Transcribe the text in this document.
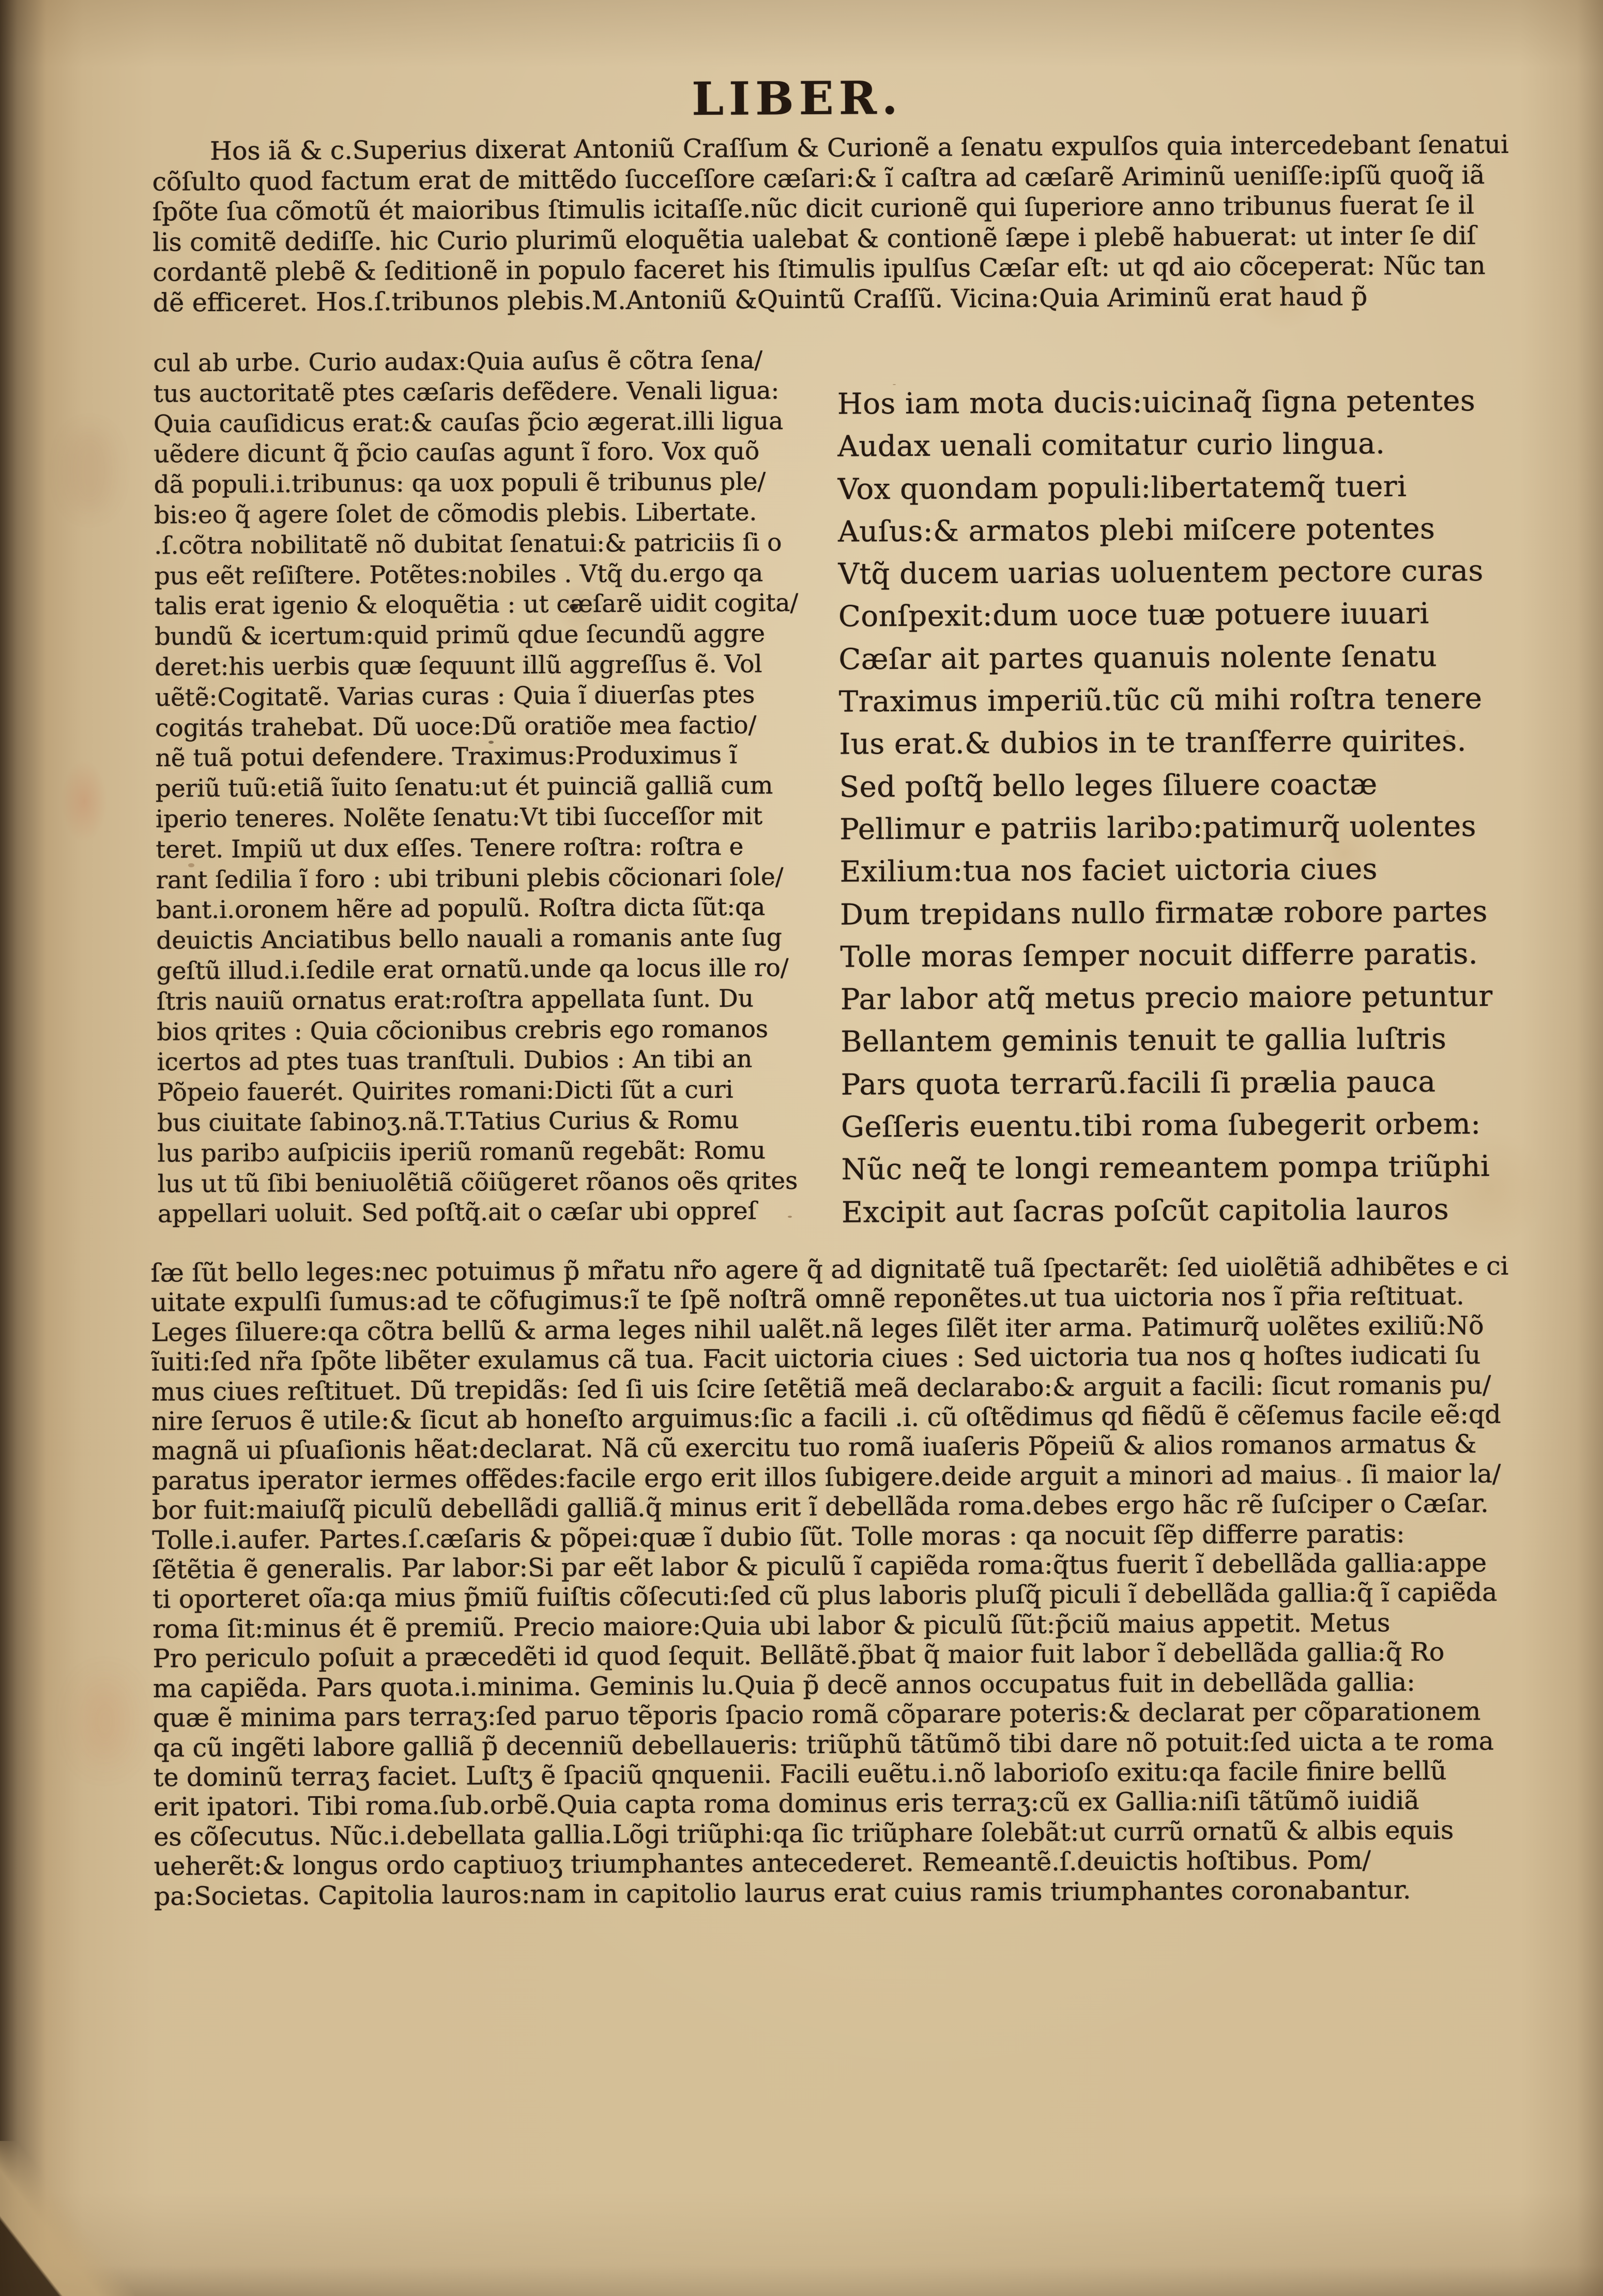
LIBER.
Hos iã & c.Superius dixerat Antoniũ Craſſum & Curionẽ a ſenatu expulſos quia intercedebant ſenatui
cõſulto quod factum erat de mittẽdo ſucceſſore cæſari:& ĩ caſtra ad cæſarẽ Ariminũ ueniſſe:ipſũ quoq̃ iã
ſpõte ſua cõmotũ ét maioribus ſtimulis icitaſſe.nũc dicit curionẽ qui ſuperiore anno tribunus fuerat ſe il
lis comitẽ dediſſe. hic Curio plurimũ eloquẽtia ualebat & contionẽ ſæpe i plebẽ habuerat: ut inter ſe diſ
cordantẽ plebẽ & ſeditionẽ in populo faceret his ſtimulis ipulſus Cæſar eſt: ut qd aio cõceperat: Nũc tan
dẽ efficeret. Hos.ſ.tribunos plebis.M.Antoniũ &Quintũ Craſſũ. Vicina:Quia Ariminũ erat haud p̃
cul ab urbe. Curio audax:Quia auſus ẽ cõtra ſena/
tus auctoritatẽ ptes cæſaris defẽdere. Venali ligua:
Quia cauſidicus erat:& cauſas p̃cio ægerat.illi ligua
uẽdere dicunt q̃ p̃cio cauſas agunt ĩ foro. Vox quõ
dã populi.i.tribunus: qa uox populi ẽ tribunus ple/
bis:eo q̃ agere ſolet de cõmodis plebis. Libertate.
.ſ.cõtra nobilitatẽ nõ dubitat ſenatui:& patriciis ſi o
pus eẽt reſiſtere. Potẽtes:nobiles . Vtq̃ du.ergo qa
talis erat igenio & eloquẽtia : ut cæſarẽ uidit cogita/
bundũ & icertum:quid primũ qdue ſecundũ aggre
deret:his uerbis quæ ſequunt illũ aggreſſus ẽ. Vol
uẽtẽ:Cogitatẽ. Varias curas : Quia ĩ diuerſas ptes
cogitás trahebat. Dũ uoce:Dũ oratiõe mea factio/
nẽ tuã potui defendere. Traximus:Produximus ĩ
periũ tuũ:etiã ĩuito ſenatu:ut ét puinciã galliã cum
iperio teneres. Nolẽte ſenatu:Vt tibi ſucceſſor mit
teret. Impiũ ut dux eſſes. Tenere roſtra: roſtra e
rant ſedilia ĩ foro : ubi tribuni plebis cõcionari ſole/
bant.i.oronem hẽre ad populũ. Roſtra dicta ſũt:qa
deuictis Anciatibus bello nauali a romanis ante ſug
geſtũ illud.i.ſedile erat ornatũ.unde qa locus ille ro/
ſtris nauiũ ornatus erat:roſtra appellata ſunt. Du
bios qrites : Quia cõcionibus crebris ego romanos
icertos ad ptes tuas tranſtuli. Dubios : An tibi an
Põpeio fauerét. Quirites romani:Dicti ſũt a curi
bus ciuitate ſabinoʒ.nã.T.Tatius Curius & Romu
lus paribɔ auſpiciis iperiũ romanũ regebãt: Romu
lus ut tũ ſibi beniuolẽtiã cõiũgeret rõanos oẽs qrites
appellari uoluit. Sed poſtq̃.ait o cæſar ubi oppreſ
Hos iam mota ducis:uicinaq̃ ſigna petentes
Audax uenali comitatur curio lingua.
Vox quondam populi:libertatemq̃ tueri
Auſus:& armatos plebi miſcere potentes
Vtq̃ ducem uarias uoluentem pectore curas
Conſpexit:dum uoce tuæ potuere iuuari
Cæſar ait partes quanuis nolente ſenatu
Traximus imperiũ.tũc cũ mihi roſtra tenere
Ius erat.& dubios in te tranſferre quirites.
Sed poſtq̃ bello leges ſiluere coactæ
Pellimur e patriis laribɔ:patimurq̃ uolentes
Exilium:tua nos faciet uictoria ciues
Dum trepidans nullo firmatæ robore partes
Tolle moras ſemper nocuit differre paratis.
Par labor atq̃ metus precio maiore petuntur
Bellantem geminis tenuit te gallia luſtris
Pars quota terrarũ.facili ſi prælia pauca
Geſſeris euentu.tibi roma ſubegerit orbem:
Nũc neq̃ te longi remeantem pompa triũphi
Excipit aut ſacras poſcũt capitolia lauros
ſæ ſũt bello leges:nec potuimus p̃ mr̃atu nr̃o agere q̃ ad dignitatẽ tuã ſpectarẽt: ſed uiolẽtiã adhibẽtes e ci
uitate expulſi ſumus:ad te cõfugimus:ĩ te ſpẽ noſtrã omnẽ reponẽtes.ut tua uictoria nos ĩ pr̃ia reſtituat.
Leges ſiluere:qa cõtra bellũ & arma leges nihil ualẽt.nã leges ſilẽt iter arma. Patimurq̃ uolẽtes exiliũ:Nõ
ĩuiti:ſed nr̃a ſpõte libẽter exulamus cã tua. Facit uictoria ciues : Sed uictoria tua nos q hoſtes iudicati ſu
mus ciues reſtituet. Dũ trepidãs: ſed ſi uis ſcire ſetẽtiã meã declarabo:& arguit a facili: ſicut romanis pu/
nire ſeruos ẽ utile:& ſicut ab honeſto arguimus:ſic a facili .i. cũ oſtẽdimus qd fiẽdũ ẽ cẽſemus facile eẽ:qd
magnã ui pſuaſionis hẽat:declarat. Nã cũ exercitu tuo romã iuaſeris Põpeiũ & alios romanos armatus &
paratus iperator iermes offẽdes:facile ergo erit illos ſubigere.deide arguit a minori ad maius . ſi maior la/
bor fuit:maiuſq̃ piculũ debellãdi galliã.q̃ minus erit ĩ debellãda roma.debes ergo hãc rẽ ſuſciper o Cæſar.
Tolle.i.aufer. Partes.ſ.cæſaris & põpei:quæ ĩ dubio ſũt. Tolle moras : qa nocuit ſẽp differre paratis:
ſẽtẽtia ẽ generalis. Par labor:Si par eẽt labor & piculũ ĩ capiẽda roma:q̃tus fuerit ĩ debellãda gallia:appe
ti oporteret oĩa:qa mius p̃miũ fuiſtis cõſecuti:ſed cũ plus laboris pluſq̃ piculi ĩ debellãda gallia:q̃ ĩ capiẽda
roma ſit:minus ét ẽ premiũ. Precio maiore:Quia ubi labor & piculũ ſũt:p̃ciũ maius appetit. Metus
Pro periculo poſuit a præcedẽti id quod ſequit. Bellãtẽ.p̃bat q̃ maior fuit labor ĩ debellãda gallia:q̃ Ro
ma capiẽda. Pars quota.i.minima. Geminis lu.Quia p̃ decẽ annos occupatus fuit in debellãda gallia:
quæ ẽ minima pars terraʒ:ſed paruo tẽporis ſpacio romã cõparare poteris:& declarat per cõparationem
qa cũ ingẽti labore galliã p̃ decenniũ debellaueris: triũphũ tãtũmõ tibi dare nõ potuit:ſed uicta a te roma
te dominũ terraʒ faciet. Luſtʒ ẽ ſpaciũ qnquenii. Facili euẽtu.i.nõ laborioſo exitu:qa facile finire bellũ
erit ipatori. Tibi roma.ſub.orbẽ.Quia capta roma dominus eris terraʒ:cũ ex Gallia:niſi tãtũmõ iuidiã
es cõſecutus. Nũc.i.debellata gallia.Lõgi triũphi:qa ſic triũphare ſolebãt:ut currũ ornatũ & albis equis
ueherẽt:& longus ordo captiuoʒ triumphantes antecederet. Remeantẽ.ſ.deuictis hoſtibus. Pom/
pa:Societas. Capitolia lauros:nam in capitolio laurus erat cuius ramis triumphantes coronabantur.
